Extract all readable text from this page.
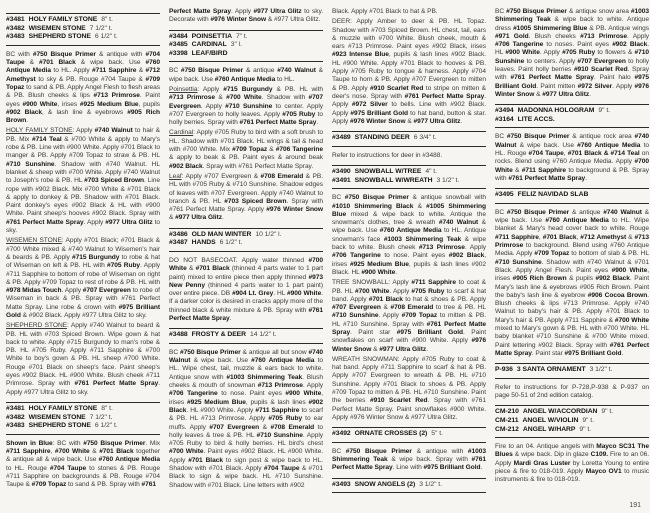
#3481 HOLY FAMILY STONE 8" t.
#3482 WISEMEN STONE 7 1/2" t.
#3483 SHEPHERD STONE 6 1/2" t.

BC with #750 Bisque Primer & antique with #704 Taupe & #701 Black & wipe back. Use #760 Antique Media to HL. Apply #711 Sapphire & #712 Amethyst to sky & PB. Rouge #704 Taupe & #709 Topaz to sand & PB. Apply Angel Flesh to flesh areas & PB. Blush cheeks & lips #713 Primrose. Paint eyes #900 White, irises #925 Medium Blue, pupils #902 Black, & lash line & eyebrows #905 Rich Brown.

HOLY FAMILY STONE: Apply #740 Walnut to hair & PB. Mix #714 Teal & #700 White & apply to Mary's robe & PB. Line with #900 White. Apply #701 Black to manger & PB. Apply #709 Topaz to straw & PB. HL #710 Sunshine. Shadow with #740 Walnut. HL blanket & sheep with #700 White. Apply #740 Walnut to Joseph's robe & PB. HL #703 Spiced Brown. Line rope with #902 Black. Mix #700 White & #701 Black & apply to donkey & PB. Shadow with #701 Black. Paint donkey's eyes #902 Black & HL with #900 White. Paint sheep's hooves #902 Black. Spray with #761 Perfect Matte Spray. Apply #977 Ultra Glitz to sky.

WISEMEN STONE: Apply #701 Black; #701 Black & #700 White mixed & #740 Walnut to Wisemen's hair & beards & PB. Apply #715 Burgundy to robe & hat of Wiseman on left & PB. HL with #705 Ruby. Apply #711 Sapphire to bottom of robe of Wiseman on right & PB. Apply #709 Topaz to rest of robe & PB. HL with #978 Midas Touch. Apply #707 Evergreen to robe of Wiseman in back & PB. Spray with #761 Perfect Matte Spray. Line robe & crown with #975 Brilliant Gold & #902 Black. Apply #977 Ultra Glitz to sky.

SHEPHERD STONE: Apply #740 Walnut to beard & PB. HL with #703 Spiced Brown. Wipe gown & hat back to white. Apply #715 Burgundy to man's robe & PB. HL #705 Ruby. Apply #711 Sapphire & #700 White to boy's gown & PB. HL sheep #700 White. Rouge #701 Black on sheep's face. Paint sheep's eyes #902 Black. HL #900 White. Blush cheek #711 Primrose. Spray with #761 Perfect Matte Spray. Apply #977 Ultra Glitz to sky.

#3481 HOLY FAMILY STONE 8" t.
#3482 WISEMEN STONE 7 1/2" t.
#3483 SHEPHERD STONE 6 1/2" t.

Shown in Blue: BC with #750 Bisque Primer. Mix #711 Sapphire, #700 White & #701 Black together & antique all & wipe back. Use #760 Antique Media to HL. Rouge #704 Taupe to stones & PB. Rouge #711 Sapphire on backgrounds & PB. Rouge #704 Taupe & #709 Topaz to sand & PB. Spray with #761

Perfect Matte Spray. Apply #977 Ultra Glitz to sky. Decorate with #976 Winter Snow & #977 Ultra Glitz.

#3484 POINSETTIA 7" t.
#3485 CARDINAL 3" l.
#3398 LEAF/BIRD

BC #750 Bisque Primer & antique #740 Walnut & wipe back. Use #760 Antique Media to HL.

Poinsettia: Apply #715 Burgundy & PB. HL with #713 Primrose & #700 White. Shadow with #707 Evergreen. Apply #710 Sunshine to center. Apply #707 Evergreen to holly leaves. Apply #705 Ruby to holly berries. Spray with #761 Perfect Matte Spray.

Cardinal: Apply #705 Ruby to bird with a soft brush to HL. Shadow with #701 Black. HL wings & tail & head with #700 White. Mix #709 Topaz & #706 Tangerine & apply to beak & PB. Paint eyes & around beak #902 Black. Spray with #761 Perfect Matte Spray.

Leaf: Apply #707 Evergreen & #708 Emerald & PB. HL with #705 Ruby & #710 Sunshine. Shadow edges of leaves with #707 Evergreen. Apply #740 Walnut to branch & PB. HL #703 Spiced Brown. Spray with #761 Perfect Matte Spray. Apply #976 Winter Snow & #977 Ultra Glitz.

#3486 OLD MAN WINTER 10 1/2" l.
#3487 HANDS 6 1/2" t.

DO NOT BASECOAT. Apply water thinned #700 White & #701 Black (thinned 4 parts water to 1 part paint) mixed to entire piece then apply thinned #973 New Penny (thinned 4 parts water to 1 part paint) over entire piece. DB #904 Lt. Grey. HL #900 White. If a darker color is desired in cracks apply more of the thinned black & white mixture & PB. Spray with #761 Perfect Matte Spray.

#3488 FROSTY & DEER 14 1/2" t.

BC #750 Bisque Primer & antique all but snow #740 Walnut & wipe back. Use #760 Antique Media to HL. Wipe chest, tail, muzzle & ears back to white. Antique snow with #1003 Shimmering Teak. Blush cheeks & mouth of snowman #713 Primrose. Apply #706 Tangerine to nose. Paint eyes #900 White, irises #925 Medium Blue, pupils & lash lines #902 Black. HL #900 White. Apply #711 Sapphire to scarf & PB. HL #713 Primrose. Apply #705 Ruby to ear muffs. Apply #707 Evergreen & #708 Emerald to holly leaves & tree & PB. HL #710 Sunshine. Apply #705 Ruby to bird & holly berries. HL bird's chest #700 White. Paint eyes #902 Black. HL #900 White. Apply #701 Black to sign post & wipe back to HL. Shadow with #701 Black. Apply #704 Taupe & #701 Black to sign & wipe back. HL #710 Sunshine. Shadow with #701 Black. Line letters with #902

Black. Apply #701 Black to hat & PB.

DEER: Apply Amber to deer & PB. HL Topaz. Shadow with #703 Spiced Brown. HL chest, tail, ears & muzzle with #700 White. Blush cheek, mouth & ears #713 Primrose. Paint eyes #902 Black, irises #923 Intense Blue, pupils & lash lines #902 Black. HL #900 White. Apply #701 Black to hooves & PB. Apply #705 Ruby to tongue & harness. Apply #704 Taupe to horn & PB. Apply #707 Evergreen to mitten & PB. Apply #910 Scarlet Red to stripe on mitten & deer's nose. Spray with #761 Perfect Matte Spray. Apply #972 Silver to bells. Line with #902 Black. Apply #975 Brilliant Gold to hat band, button & star. Apply #976 Winter Snow & #977 Ultra Glitz.

#3489 STANDING DEER 6 3/4" t.

Refer to instructions for deer in #3488.

#3490 SNOWBALL W/TREE 4" t.
#3491 SNOWBALL W/WREATH 3 1/2" t.

BC #750 Bisque Primer & antique snowball with #1010 Shimmering Black & #1005 Shimmering Blue mixed & wipe back to white. Antique the snowman's clothes, tree & wreath #740 Walnut & wipe back. Use #760 Antique Media to HL. Antique snowman's face #1003 Shimmering Teak & wipe back to white. Blush cheek #713 Primrose. Apply #706 Tangerine to nose. Paint eyes #902 Black, irises #925 Medium Blue, pupils & lash lines #902 Black. HL #900 White.

TREE SNOWBALL: Apply #711 Sapphire to coat & PB. HL #700 White. Apply #705 Ruby to scarf & hat band. Apply #701 Black to hat & shoes & PB. Apply #707 Evergreen & #708 Emerald to tree & PB. HL #710 Sunshine. Apply #709 Topaz to mitten & PB. HL #710 Sunshine. Spray with #761 Perfect Matte Spray. Paint star #975 Brilliant Gold. Paint snowflakes on scarf with #900 White. Apply #976 Winter Snow & #977 Ultra Glitz.

WREATH SNOWMAN: Apply #705 Ruby to coat & hat band. Apply #711 Sapphire to scarf & hat & PB. Apply #707 Evergreen to wreath & PB. HL #710 Sunshine. Apply #701 Black to shoes & PB. Apply #709 Topaz to mitten & PB. HL #710 Sunshine. Paint the berries #910 Scarlet Red. Spray with #761 Perfect Matte Spray. Paint snowflakes #900 White. Apply #976 Winter Snow & #977 Ultra Glitz.

#3492 ORNATE CROSSES (2) 5" t.

BC #750 Bisque Primer & antique with #1003 Shimmering Teak & wipe back. Spray with #761 Perfect Matte Spray. Line with #975 Brilliant Gold.

#3493 SNOW ANGELS (2) 3 1/2" t.

BC #750 Bisque Primer & antique snow area #1003 Shimmering Teak & wipe back to white. Antique dress #1005 Shimmering Blue & PB. Antique wings #971 Gold. Blush cheeks #713 Primrose. Apply #706 Tangerine to noses. Paint eyes #902 Black. HL #900 White. Apply #705 Ruby to flowers & #710 Sunshine to centers. Apply #707 Evergreen to holly leaves. Paint holly berries #910 Scarlet Red. Spray with #761 Perfect Matte Spray. Paint halo #975 Brilliant Gold. Paint mitten #972 Silver. Apply #976 Winter Snow & #977 Ultra Glitz.

#3494 MADONNA HOLOGRAM 9" t.
#3164 LITE ACCS.

BC #750 Bisque Primer & antique rock area #740 Walnut & wipe back. Use #760 Antique Media to HL. Rouge #704 Taupe, #701 Black & #714 Teal on rocks. Blend using #760 Antique Media. Apply #700 White & #711 Sapphire to background & PB. Spray with #761 Perfect Matte Spray.

#3495 FELIZ NAVIDAD SLAB

BC #750 Bisque Primer & antique #740 Walnut & wipe back. Use #760 Antique Media to HL. Wipe blanket & Mary's head cover back to white. Rouge #711 Sapphire, #701 Black, #712 Amethyst & #713 Primrose to background. Blend using #760 Antique Media. Apply #709 Topaz to bottom of slab & PB. HL #710 Sunshine. Shadow with #740 Walnut & #701 Black. Apply Angel Flesh. Paint eyes #900 White, irises #905 Rich Brown & pupils #902 Black. Paint Mary's lash line & eyebrows #905 Rich Brown. Paint the baby's lash line & eyebrow #906 Cocoa Brown. Blush cheeks & lips #713 Primrose. Apply #740 Walnut to baby's hair & PB. Apply #701 Black to Mary's hair & PB. Apply #711 Sapphire & #700 White mixed to Mary's gown & PB. HL with #700 White. HL baby blanket #710 Sunshine & #700 White mixed. Paint lettering #902 Black. Spray with #761 Perfect Matte Spray. Paint star #975 Brilliant Gold.

P-936 3 SANTA ORNAMENT 3 1/2" t.

Refer to instructions for P-728,P-938 & P-937 on page 50-51 of 2nd edition catalog.

CM-210 ANGEL W/ACCORDIAN 9" t.
CM-211 ANGEL W/VIOLIN 9" t.
CM-212 ANGEL W/HARP 9" t.

Fire to an 04. Antique angels with Mayco SC31 The Blues & wipe back. Dip in glaze C109. Fire to an 06. Apply Mardi Gras Luster by Loretta Young to entire piece & fire to 018-019. Apply Mayco OV1 to music instruments & fire to 018-019.

191
